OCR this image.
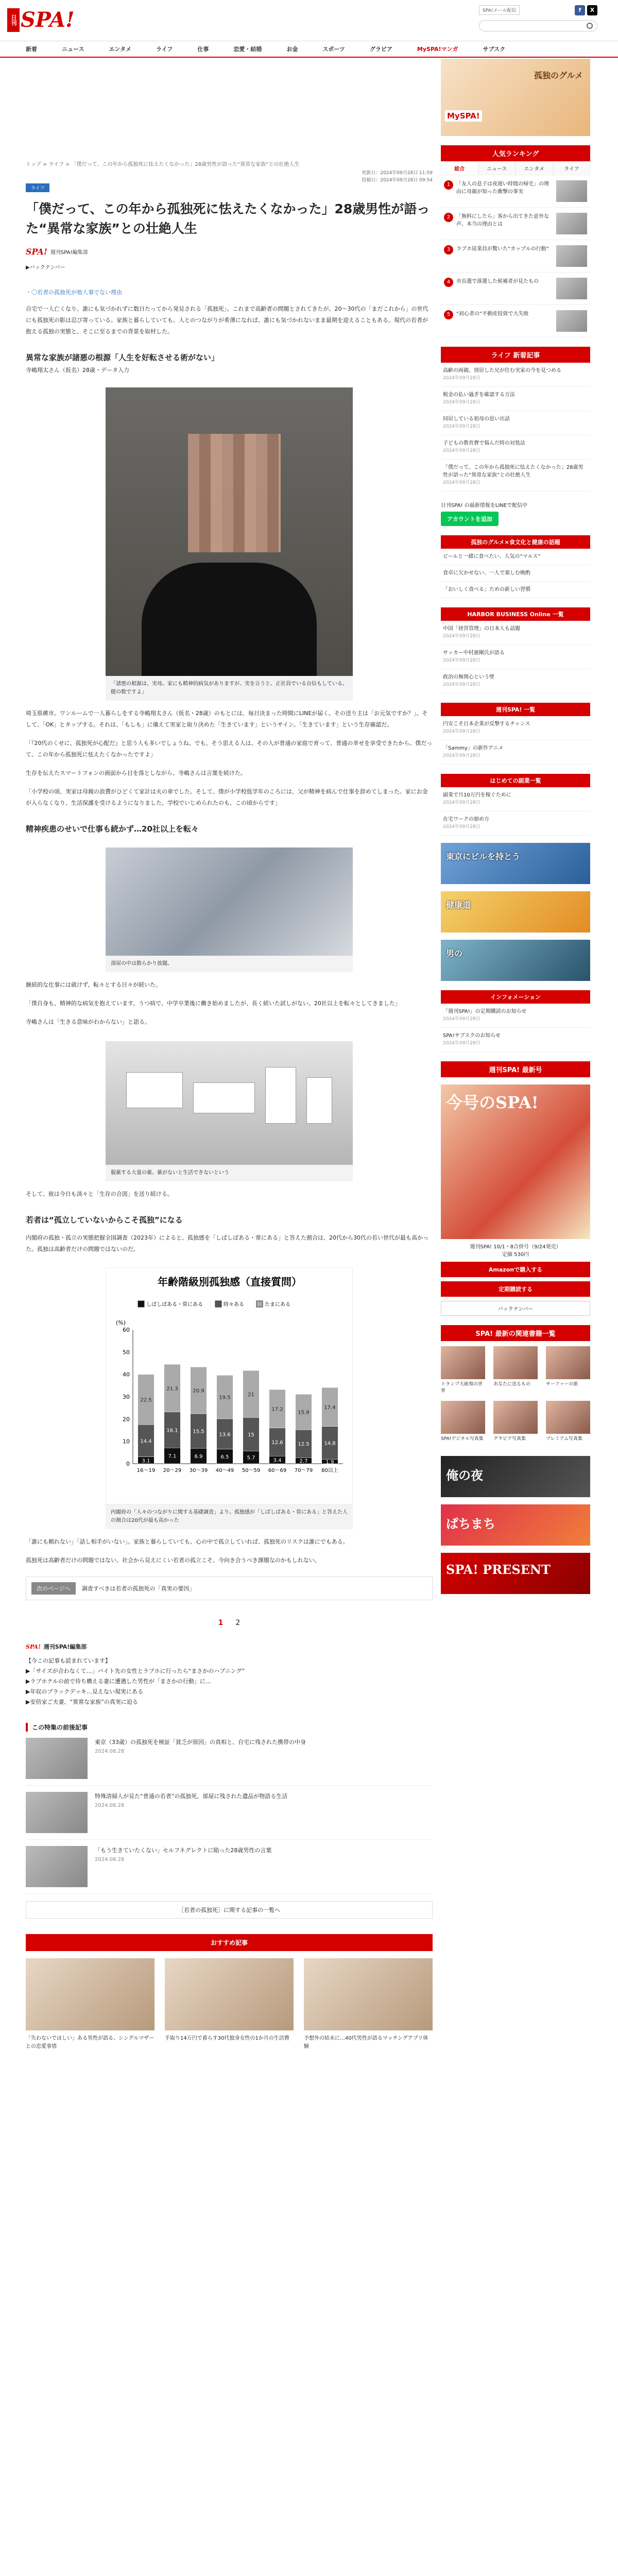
日刊 SPA!	SPA!メール配信	f X
新着	ニュース	エンタメ	ライフ	仕事	恋愛・結婚	お金	スポーツ	グラビア	MySPA!マンガ	サブスク
トップ > ライフ > 「僕だって、この年から孤独死に怯えたくなかった」28歳男性が語った“異常な家族”との壮絶人生
更新日：2024年09月28日 11:59
投稿日：2024年09月28日 09:54
ライフ
「僕だって、この年から孤独死に怯えたくなかった」28歳男性が語った“異常な家族”との壮絶人生
SPA! 週刊SPA!編集部
▶バックナンバー
・〇若者の孤独死が他人事でない理由

自宅で一人亡くなり、誰にも気づかれずに数日たってから発見される「孤独死」。これまで高齢者の問題とされてきたが、20～30代の「まだこれから」の世代にも孤独死の影は忍び寄っている。家族と暮らしていても、人とのつながりが希薄になれば、誰にも気づかれないまま最期を迎えることもある。現代の若者が抱える孤独の実態と、そこに至るまでの背景を取材した。

異常な家族が諸悪の根源「人生を好転させる術がない」
寺嶋翔太さん（仮名）28歳・データ入力
「諸悪の根源は、実母。家にも精神的病気がありますが、実を言うと、正社員でいる自信もしている。健の数ですよ」

埼玉県蕨市。ワンルームで一人暮らしをする寺嶋翔太さん（仮名・28歳）のもとには、毎日決まった時間にLINEが届く。その送り主は「お元気ですか？」。そして、「OK」とタップする。それは、「もしも」に備えて実家と取り決めた「生きています」というサイン。「生きています」という生存確認だ。

「『20代のくせに、孤独死が心配だ』と思う人も多いでしょうね。でも、そう思える人は、その人が普通の家庭で育って、普通の幸せを享受できたから。僕だって、この年から孤独死に怯えたくなかったですよ」

生存を伝えたスマートフォンの画面から目を落としながら、寺嶋さんは言葉を続けた。

「小学校の頃、実家は母親の浪費がひどくて家計は火の車でした。そして、僕が小学校低学年のころには、父が精神を病んで仕事を辞めてしまった。家にお金が入らなくなり、生活保護を受けるようになりました。学校でいじめられたのも、この頃からです」

精神疾患のせいで仕事も続かず…20社以上を転々
部屋の中は散らかり放題。

継続的な仕事には就けず、転々とする日々が続いた。

「僕自身も、精神的な病気を抱えています。うつ病で、中学卒業後に働き始めましたが、長く続いた試しがない。20社以上を転々としてきました」

寺嶋さんは「生きる意味がわからない」と語る。

服薬する大量の薬。薬がないと生活できないという

そして、彼は今日も淡々と「生存の合図」を送り続ける。

若者は“孤立していないからこそ孤独”になる

内閣府の孤独・孤立の実態把握全国調査（2023年）によると、孤独感を「しばしばある・常にある」と答えた割合は、20代から30代の若い世代が最も高かった。孤独は高齢者だけの問題ではないのだ。

年齢階級別孤独感（直接質問）
(%)
0
10
20
30
40
50
60
しばしばある・常にある	時々ある	たまにある
3.1
14.4
22.5
16〜19
7.1
16.1
21.3
20〜29
6.9
15.5
20.9
30〜39
6.5
13.6
19.5
40〜49
5.7
15
21
50〜59
3.4
12.6
17.2
60〜69
2.7
12.5
15.9
70〜79
1.9
14.8
17.4
80以上
内閣府の「人々のつながりに関する基礎調査」より。孤独感が「しばしばある・常にある」と答えた人の割合は20代が最も高かった

「誰にも頼れない」「話し相手がいない」。家族と暮らしていても、心の中で孤立していれば、孤独死のリスクは誰にでもある。

孤独死は高齢者だけの問題ではない。社会から見えにくい若者の孤立こそ、今向き合うべき課題なのかもしれない。

次のページへ	調査すべきは若者の孤独死の「真実の要因」
1 2
SPA! 週刊SPA!編集部
【今この記事も読まれています】
▶「サイズが合わなくて…」バイト先の女性とラブホに行ったら“まさかのハプニング”
▶ラブホテルの前で待ち構える妻に遭遇した男性が「まさかの行動」に…
▶年収のブラックデッキ…見えない現実にある
▶安倍家ご夫妻、“異常な家族”の真実に迫る
この特集の前後記事
東京（33歳）の孤独死を検証「貧乏が原因」の真相と、自宅に残された携帯の中身
2024.08.28
特殊清掃人が見た“普通の若者”の孤独死、部屋に残された遺品が物語る生活
2024.08.28
「もう生きていたくない」セルフネグレクトに陥った28歳男性の言葉
2024.08.28
［若者の孤独死］に関する記事の一覧へ
おすすめ記事
「失わないでほしい」ある男性が語る、シングルマザーとの恋愛事情
手取り14万円で暮らす30代独身女性の1か月の生活費	予想外の結末に…40代男性が語るマッチングアプリ体験
孤独のグルメ
MySPA!
人気ランキング
総合	ニュース	エンタメ	ライフ
1	「友人の息子は夜遅い時間の帰宅」の理由に母親が知った衝撃の事実
2	「無料にしたら」客から出てきた意外な声。本当の理由とは
3	ラブホ従業員が驚いた“カップルの行動”
4	市長選で落選した候補者が見たもの
5	“初心者の”不動産投資で大失敗
ライフ 新着記事
高齢の両親、別居した兄が住む実家の今を見つめる
2024年09月28日
税金の払い過ぎを確認する方法
2024年09月28日
同居している祖母の思い出話
2024年09月28日
子どもの教育費で悩んだ時の対処法
2024年09月28日
「僕だって、この年から孤独死に怯えたくなかった」28歳男性が語った“異常な家族”との壮絶人生
2024年09月28日
日刊SPA! の最新情報をLINEで配信中
アカウントを追加
孤独のグルメ×食文化と健康の話題
ビールと一緒に食べたい、人気の“マルス”
食卓に欠かせない、一人で楽しむ晩酌
「おいしく食べる」ための新しい習慣
HARBOR BUSINESS Online 一覧
中国「経営管理」の日本人も話題
2024年09月28日
サッカー中村憲剛氏が語る
2024年09月28日
政治の無関心という壁
2024年09月28日
週刊SPA! 一覧
円安こそ日本企業が反撃するチャンス
2024年09月28日
「Sammy」の新作アニメ
2024年09月28日
はじめての副業一覧
副業で月10万円を稼ぐために
2024年09月28日
在宅ワークの始め方
2024年09月28日
東京にビルを持とう
健康道
男の
インフォメーション
「週刊SPA!」の定期購読のお知らせ
2024年09月28日
SPA!サブスクのお知らせ
2024年09月28日
週刊SPA! 最新号
今号のSPA!
週刊SPA! 10/1・8合併号（9/24発売）
定価 530円
Amazonで購入する
定期購読する
バックナンバー
SPA! 最新の関連書籍一覧
トランプ大統領の世界
あなたに送るもの	サーファーの旅
SPA!デジタル写真集	グラビア写真集	プレミアム写真集
俺の夜
ぱちまち
SPA! PRESENT
